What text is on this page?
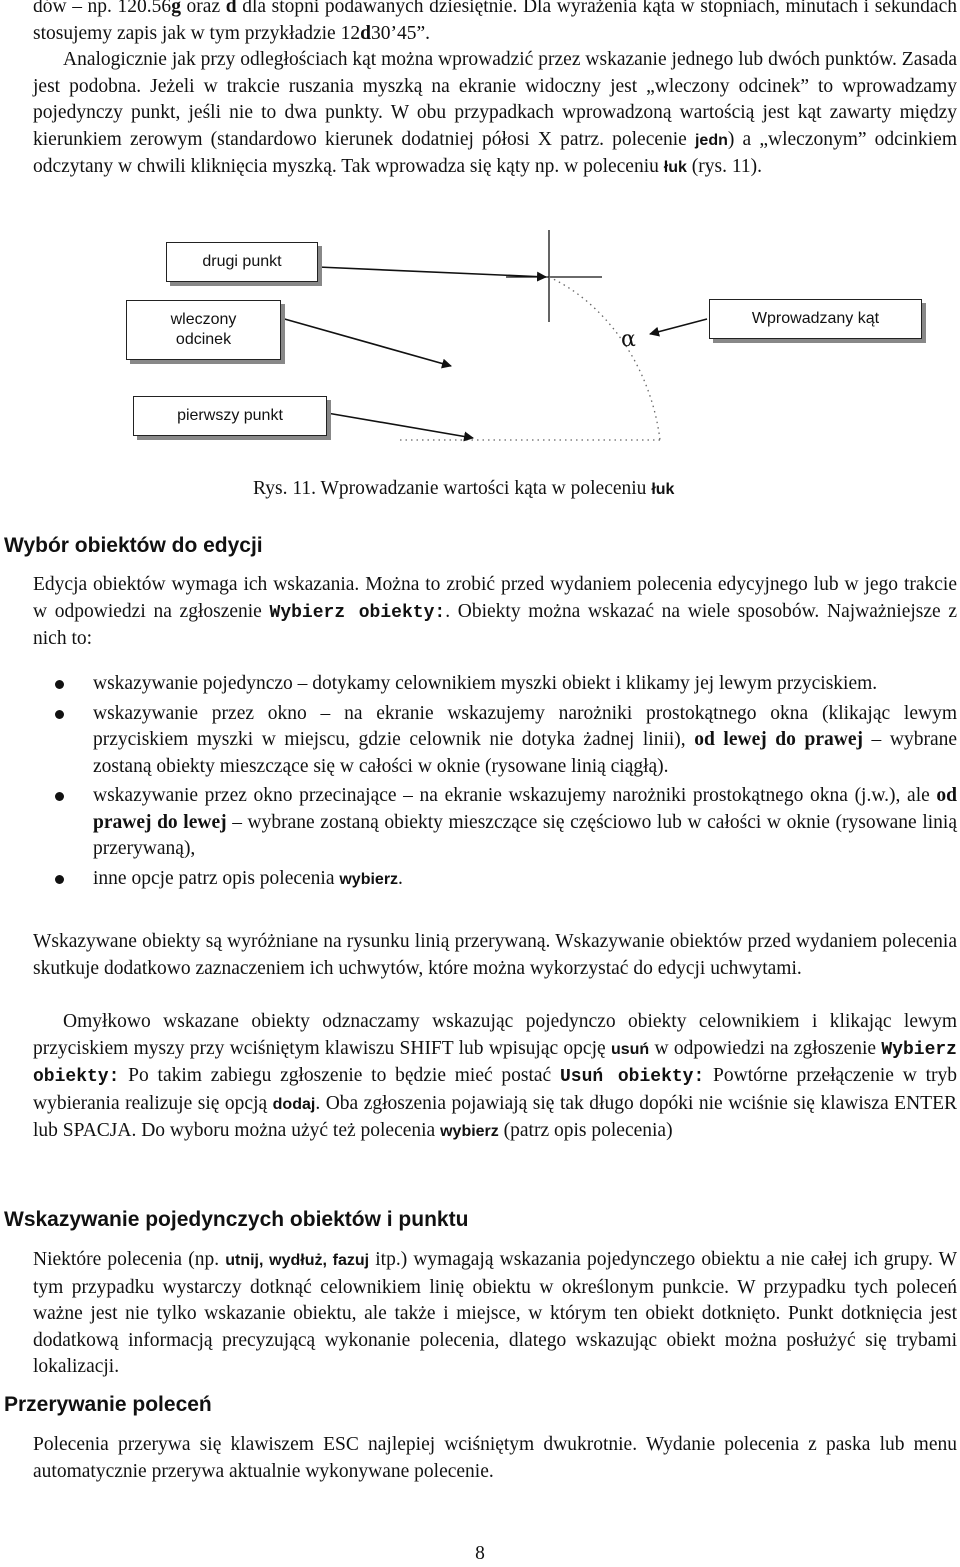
dów – np. 120.56g oraz d dla stopni podawanych dziesiętnie. Dla wyrażenia kąta w stopniach, minutach i sekundach stosujemy zapis jak w tym przykładzie 12d30’45”.

Analogicznie jak przy odległościach kąt można wprowadzić przez wskazanie jednego lub dwóch punktów. Zasada jest podobna. Jeżeli w trakcie ruszania myszką na ekranie widoczny jest „wleczony odcinek” to wprowadzamy pojedynczy punkt, jeśli nie to dwa punkty. W obu przypadkach wprowadzoną wartością jest kąt zawarty między kierunkiem zerowym (standardowo kierunek dodatniej półosi X patrz. polecenie jedn) a „wleczonym” odcinkiem odczytany w chwili kliknięcia myszką. Tak wprowadza się kąty np. w poleceniu łuk (rys. 11).

drugi punkt
wleczony
odcinek
pierwszy punkt
Wprowadzany kąt
α

Rys. 11. Wprowadzanie wartości kąta w poleceniu łuk

Wybór obiektów do edycji

Edycja obiektów wymaga ich wskazania. Można to zrobić przed wydaniem polecenia edycyjnego lub w jego trakcie w odpowiedzi na zgłoszenie Wybierz obiekty:. Obiekty można wskazać na wiele sposobów. Najważniejsze z nich to:

wskazywanie pojedynczo – dotykamy celownikiem myszki obiekt i klikamy jej lewym przyciskiem.
wskazywanie przez okno – na ekranie wskazujemy narożniki prostokątnego okna (klikając lewym przyciskiem myszki w miejscu, gdzie celownik nie dotyka żadnej linii), od lewej do prawej – wybrane zostaną obiekty mieszczące się w całości w oknie (rysowane linią ciągłą).
wskazywanie przez okno przecinające – na ekranie wskazujemy narożniki prostokątnego okna (j.w.), ale od prawej do lewej – wybrane zostaną obiekty mieszczące się częściowo lub w całości w oknie (rysowane linią przerywaną),
inne opcje patrz opis polecenia wybierz.

Wskazywane obiekty są wyróżniane na rysunku linią przerywaną. Wskazywanie obiektów przed wydaniem polecenia skutkuje dodatkowo zaznaczeniem ich uchwytów, które można wykorzystać do edycji uchwytami.

Omyłkowo wskazane obiekty odznaczamy wskazując pojedynczo obiekty celownikiem i klikając lewym przyciskiem myszy przy wciśniętym klawiszu SHIFT lub wpisując opcję usuń w odpowiedzi na zgłoszenie Wybierz obiekty: Po takim zabiegu zgłoszenie to będzie mieć postać Usuń obiekty: Powtórne przełączenie w tryb wybierania realizuje się opcją dodaj. Oba zgłoszenia pojawiają się tak długo dopóki nie wciśnie się klawisza ENTER lub SPACJA. Do wyboru można użyć też polecenia wybierz (patrz opis polecenia)

Wskazywanie pojedynczych obiektów i punktu

Niektóre polecenia (np. utnij, wydłuż, fazuj itp.) wymagają wskazania pojedynczego obiektu a nie całej ich grupy. W tym przypadku wystarczy dotknąć celownikiem linię obiektu w określonym punkcie. W przypadku tych poleceń ważne jest nie tylko wskazanie obiektu, ale także i miejsce, w którym ten obiekt dotknięto. Punkt dotknięcia jest dodatkową informacją precyzującą wykonanie polecenia, dlatego wskazując obiekt można posłużyć się trybami lokalizacji.

Przerywanie poleceń

Polecenia przerywa się klawiszem ESC najlepiej wciśniętym dwukrotnie. Wydanie polecenia z paska lub menu automatycznie przerywa aktualnie wykonywane polecenie.

8
